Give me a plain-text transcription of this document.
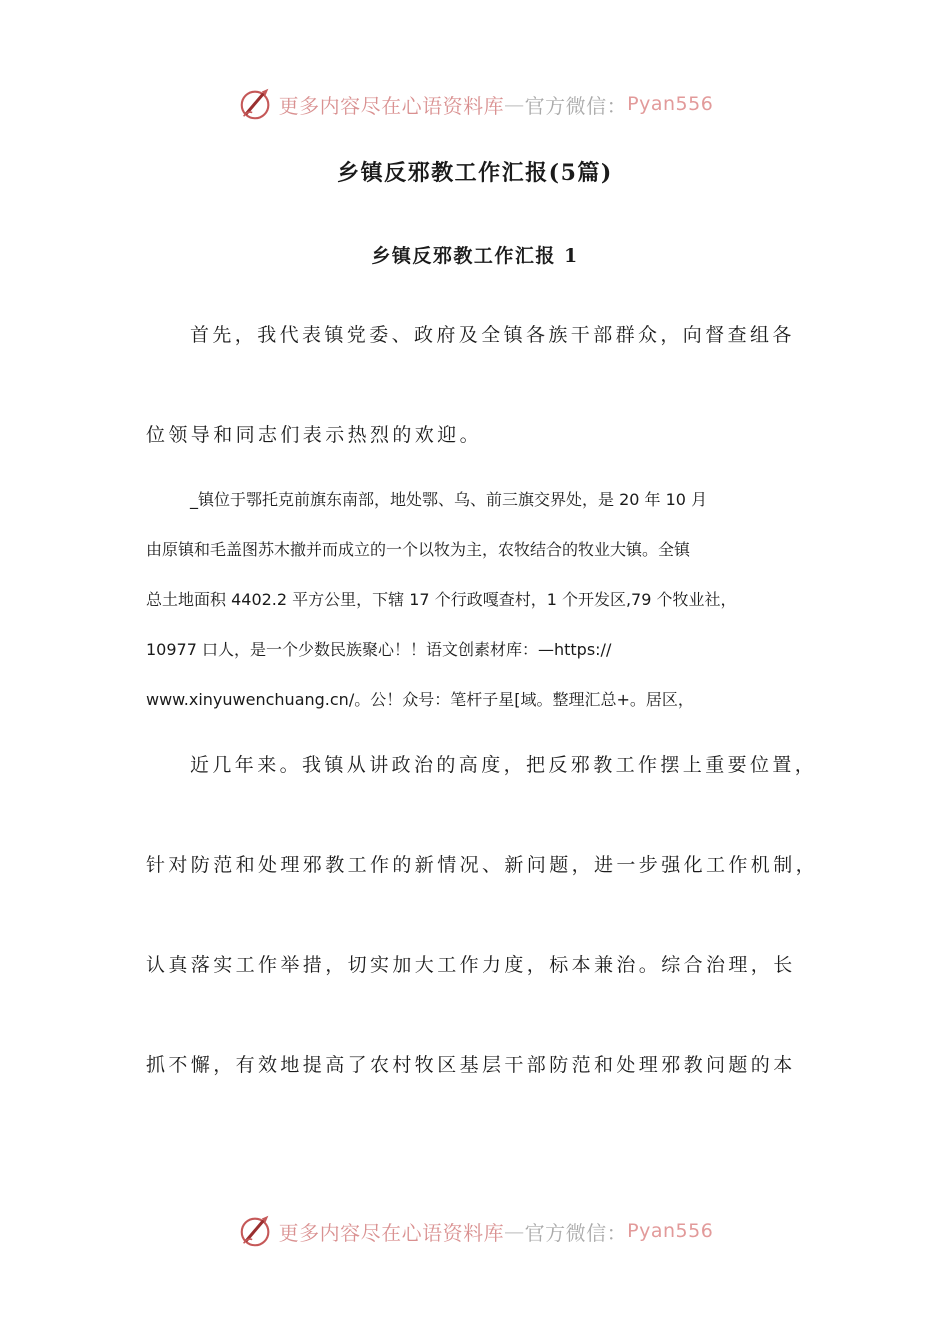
更多内容尽在心语资料库 — 官方微信： Pyan556
乡镇反邪教工作汇报(5篇)
乡镇反邪教工作汇报 1
首先，我代表镇党委、政府及全镇各族干部群众，向督查组各
位领导和同志们表示热烈的欢迎。
_镇位于鄂托克前旗东南部，地处鄂、乌、前三旗交界处，是 20 年 10 月
由原镇和毛盖图苏木撤并而成立的一个以牧为主，农牧结合的牧业大镇。全镇
总土地面积 4402.2 平方公里，下辖 17 个行政嘎查村，1 个开发区,79 个牧业社，
10977 口人，是一个少数民族聚心！！语文创素材库：—https://
www.xinyuwenchuang.cn/。公！众号：笔杆子星[域。整理汇总+。居区，
近几年来。我镇从讲政治的高度，把反邪教工作摆上重要位置，
针对防范和处理邪教工作的新情况、新问题，进一步强化工作机制，
认真落实工作举措，切实加大工作力度，标本兼治。综合治理，长
抓不懈，有效地提高了农村牧区基层干部防范和处理邪教问题的本
更多内容尽在心语资料库 — 官方微信： Pyan556
